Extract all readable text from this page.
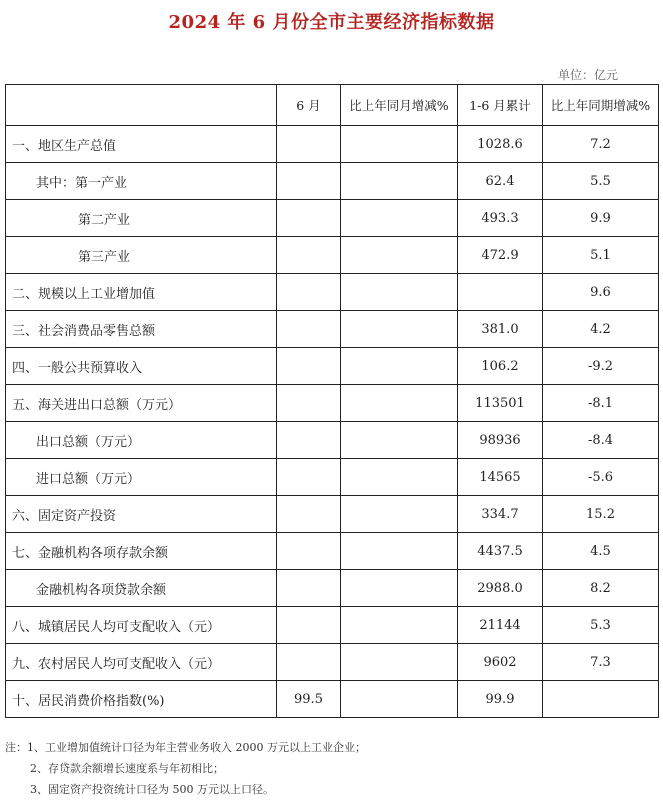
2024 年 6 月份全市主要经济指标数据
单位：亿元
	6 月	比上年同月增减%	1-6 月累计	比上年同期增减%
一、地区生产总值			1028.6	7.2
其中：第一产业			62.4	5.5
第二产业			493.3	9.9
第三产业			472.9	5.1
二、规模以上工业增加值				9.6
三、社会消费品零售总额			381.0	4.2
四、一般公共预算收入			106.2	-9.2
五、海关进出口总额（万元）			113501	-8.1
出口总额（万元）			98936	-8.4
进口总额（万元）			14565	-5.6
六、固定资产投资			334.7	15.2
七、金融机构各项存款余额			4437.5	4.5
金融机构各项贷款余额			2988.0	8.2
八、城镇居民人均可支配收入（元）			21144	5.3
九、农村居民人均可支配收入（元）			9602	7.3
十、居民消费价格指数(%)	99.5		99.9	
注：1、工业增加值统计口径为年主营业务收入 2000 万元以上工业企业；
2、存贷款余额增长速度系与年初相比；
3、固定资产投资统计口径为 500 万元以上口径。
